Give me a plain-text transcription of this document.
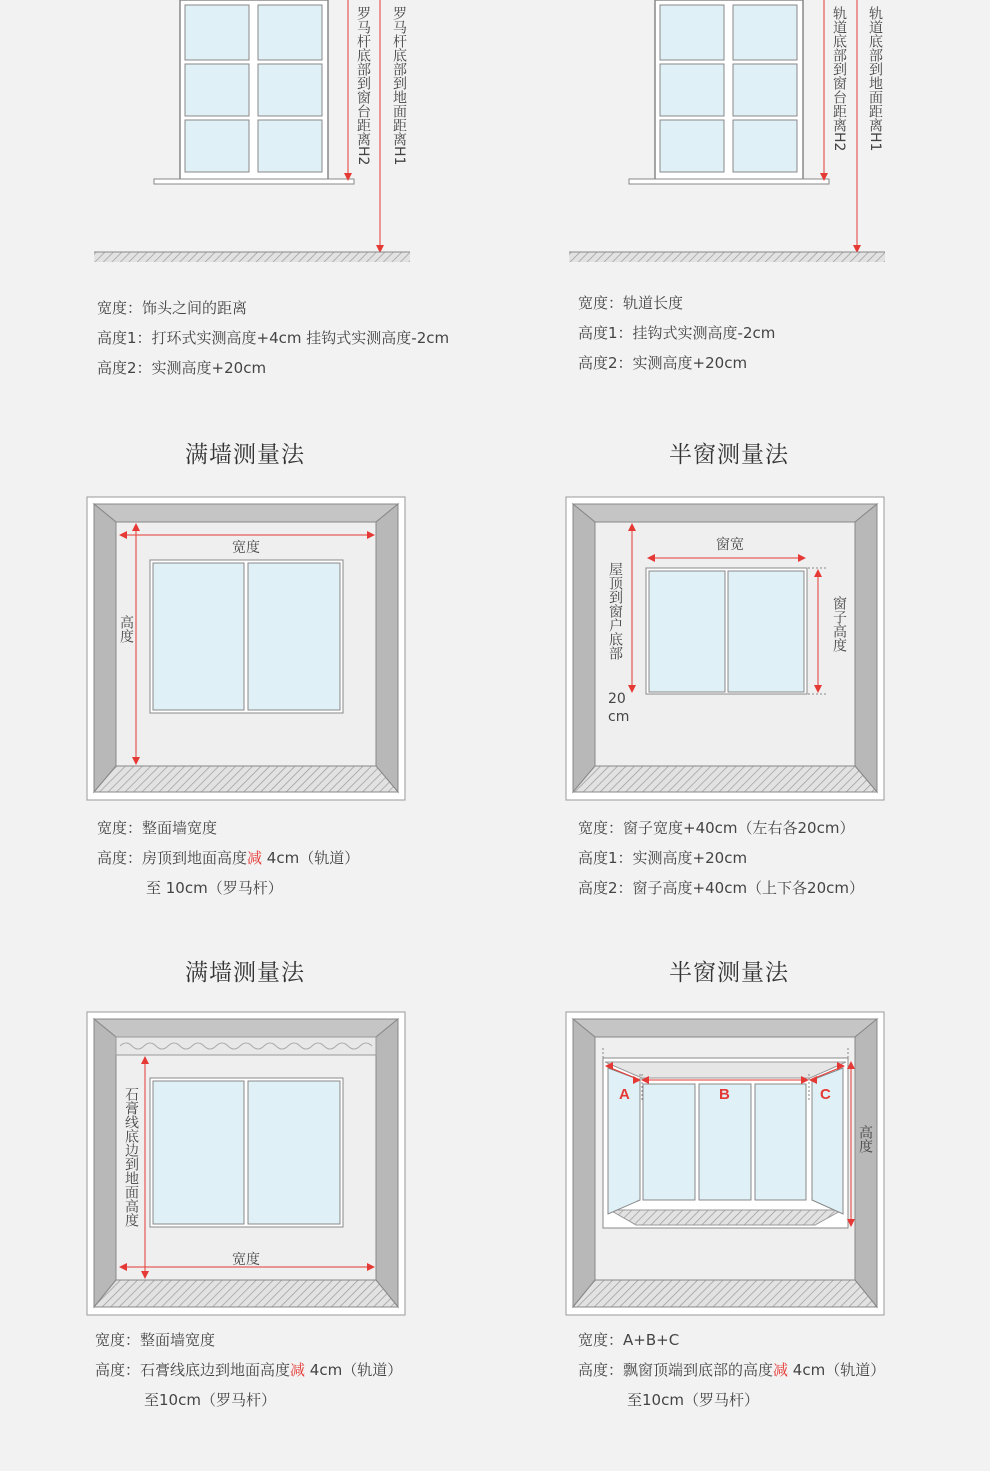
罗马杆底部到窗台距离H2 罗马杆底部到地面距离H1
宽度：饰头之间的距离
高度1：打环式实测高度+4cm 挂钩式实测高度-2cm
高度2：实测高度+20cm
轨道底部到窗台距离H2 轨道底部到地面距离H1
宽度：轨道长度
高度1：挂钩式实测高度-2cm
高度2：实测高度+20cm
满墙测量法
宽度
高度
宽度：整面墙宽度
高度：房顶到地面高度减 4cm（轨道）
至 10cm（罗马杆）
半窗测量法
窗宽
屋顶到窗户底部
20
cm
窗子高度
宽度：窗子宽度+40cm（左右各20cm）
高度1：实测高度+20cm
高度2：窗子高度+40cm（上下各20cm）
满墙测量法
石膏线底边到地面高度
宽度
宽度：整面墙宽度
高度：石膏线底边到地面高度减 4cm（轨道）
至10cm（罗马杆）
半窗测量法
A	B	C
高度
宽度：A+B+C
高度：飘窗顶端到底部的高度减 4cm（轨道）
至10cm（罗马杆）
